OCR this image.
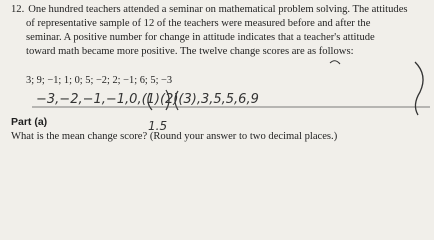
12. One hundred teachers attended a seminar on mathematical problem solving. The attitudes
of representative sample of 12 of the teachers were measured before and after the
seminar. A positive number for change in attitude indicates that a teacher's attitude
toward math became more positive. The twelve change scores are as follows:
3; 9; −1; 1; 0; 5; −2; 2; −1; 6; 5; −3
−3,−2,−1,−1,0,(1)(2)(3),3,5,5,6,9
1.5
Part (a)
What is the mean change score? (Round your answer to two decimal places.)
